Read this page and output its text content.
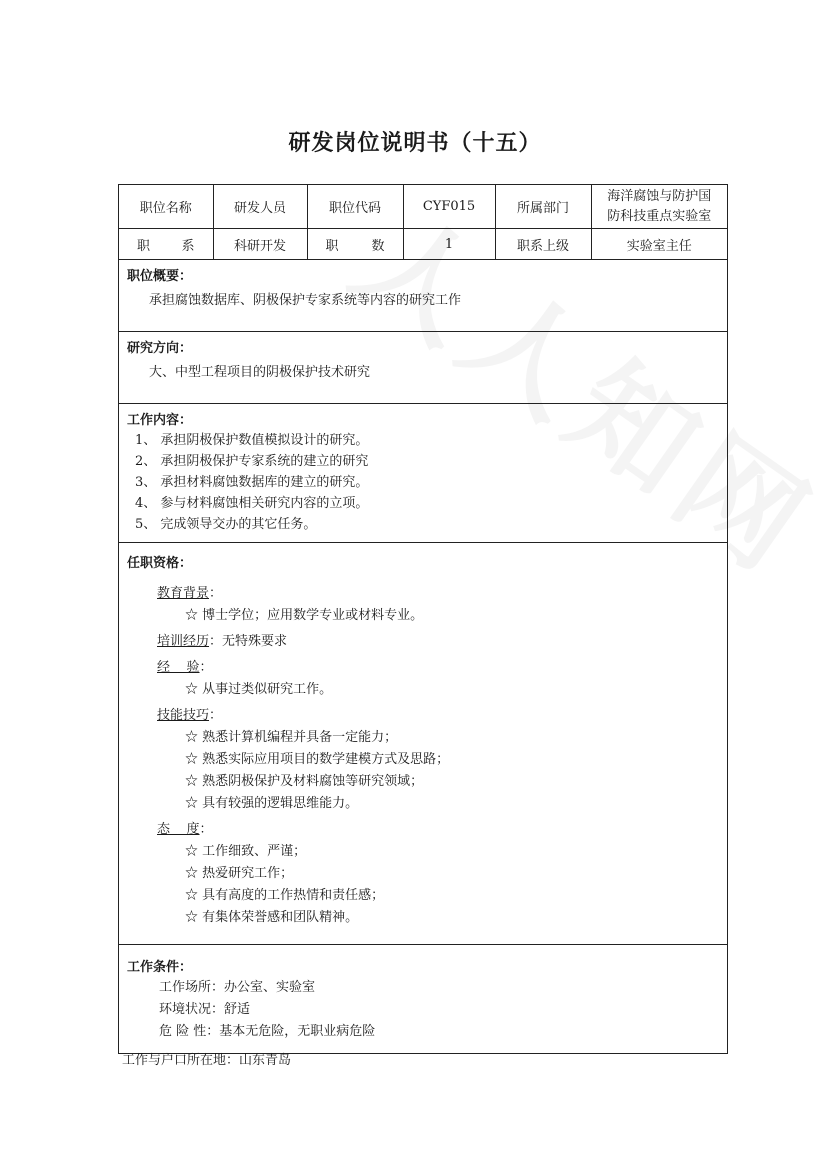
研发岗位说明书（十五）
职位名称	研发人员	职位代码	CYF015	所属部门	海洋腐蚀与防护国
防科技重点实验室

职 系	科研开发	职 数	1	职系上级	实验室主任
职位概要：
承担腐蚀数据库、阴极保护专家系统等内容的研究工作
研究方向：
大、中型工程项目的阴极保护技术研究
工作内容：
1、 承担阴极保护数值模拟设计的研究。
2、 承担阴极保护专家系统的建立的研究
3、 承担材料腐蚀数据库的建立的研究。
4、 参与材料腐蚀相关研究内容的立项。
5、 完成领导交办的其它任务。
任职资格：
教育背景：
☆ 博士学位；应用数学专业或材料专业。
培训经历：无特殊要求
经    验：
☆ 从事过类似研究工作。
技能技巧：
☆ 熟悉计算机编程并具备一定能力；
☆ 熟悉实际应用项目的数学建模方式及思路；
☆ 熟悉阴极保护及材料腐蚀等研究领域；
☆ 具有较强的逻辑思维能力。
态    度：
☆ 工作细致、严谨；
☆ 热爱研究工作；
☆ 具有高度的工作热情和责任感；
☆ 有集体荣誉感和团队精神。
工作条件：
工作场所：办公室、实验室
环境状况：舒适
危 险 性：基本无危险，无职业病危险
工作与户口所在地：山东青岛
